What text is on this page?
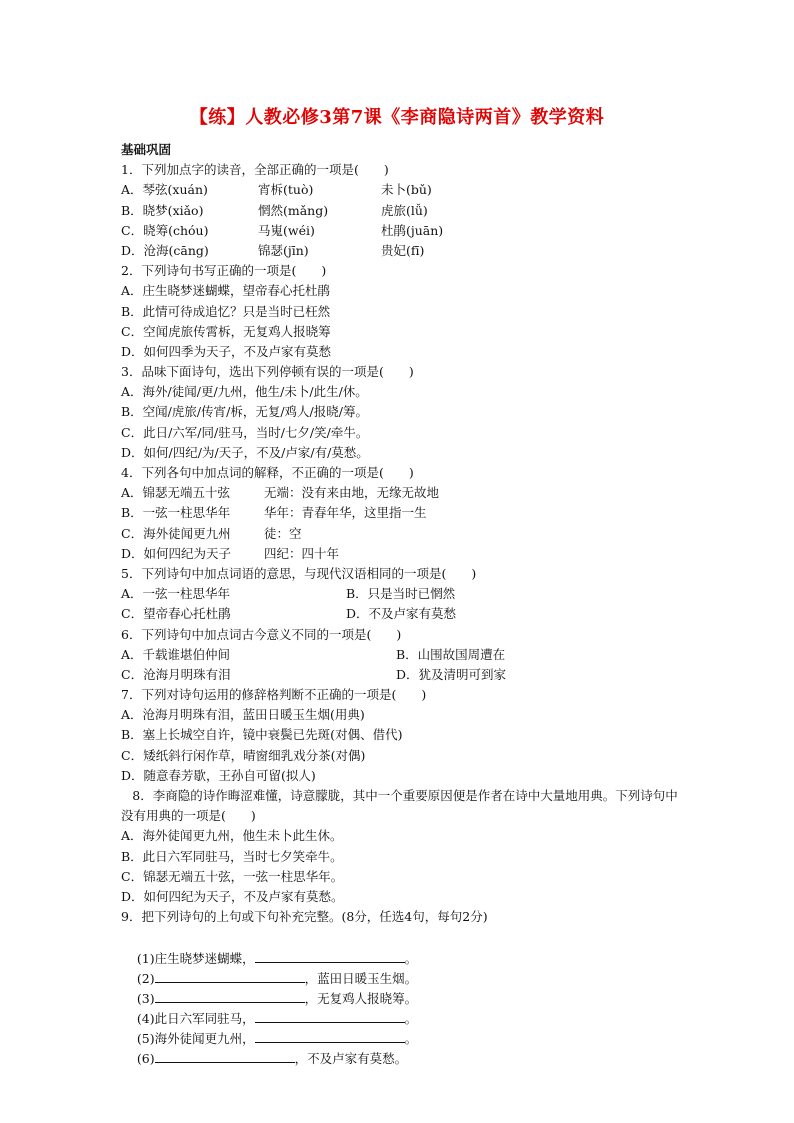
【练】人教必修3第7课《李商隐诗两首》教学资料
基础巩固
1．下列加点字的读音，全部正确的一项是(　　)
A．琴弦(xuán)	宵柝(tuò)	未卜(bǔ)
B．晓梦(xiǎo)	惘然(mǎng)	虎旅(lǚ)
C．晓筹(chóu)	马嵬(wéi)	杜鹃(juān)
D．沧海(cāng)	锦瑟(jīn)	贵妃(fī)
2．下列诗句书写正确的一项是(　　)
A．庄生晓梦迷蝴蝶，望帝春心托杜鹃
B．此情可待成追忆？只是当时已枉然
C．空闻虎旅传霄柝，无复鸡人报晓筹
D．如何四季为天子，不及卢家有莫愁
3．品味下面诗句，选出下列停顿有误的一项是(　　)
A．海外/徒闻/更/九州，他生/未卜/此生/休。
B．空闻/虎旅/传宵/柝，无复/鸡人/报晓/筹。
C．此日/六军/同/驻马，当时/七夕/笑/牵牛。
D．如何/四纪/为/天子，不及/卢家/有/莫愁。
4．下列各句中加点词的解释，不正确的一项是(　　)
A．锦瑟无端五十弦	无端：没有来由地，无缘无故地
B．一弦一柱思华年	华年：青春年华，这里指一生
C．海外徒闻更九州	徒：空
D．如何四纪为天子	四纪：四十年
5．下列诗句中加点词语的意思，与现代汉语相同的一项是(　　)
A．一弦一柱思华年	B．只是当时已惘然
C．望帝春心托杜鹃	D．不及卢家有莫愁
6．下列诗句中加点词古今意义不同的一项是(　　)
A．千载谁堪伯仲间	B．山围故国周遭在
C．沧海月明珠有泪	D．犹及清明可到家
7．下列对诗句运用的修辞格判断不正确的一项是(　　)
A．沧海月明珠有泪，蓝田日暖玉生烟(用典)
B．塞上长城空自许，镜中衰鬓已先斑(对偶、借代)
C．矮纸斜行闲作草，晴窗细乳戏分茶(对偶)
D．随意春芳歇，王孙自可留(拟人)
8．李商隐的诗作晦涩难懂，诗意朦胧，其中一个重要原因便是作者在诗中大量地用典。下列诗句中没有用典的一项是(　　)
A．海外徒闻更九州，他生未卜此生休。
B．此日六军同驻马，当时七夕笑牵牛。
C．锦瑟无端五十弦，一弦一柱思华年。
D．如何四纪为天子，不及卢家有莫愁。
9．把下列诗句的上句或下句补充完整。(8分，任选4句，每句2分)

(1)庄生晓梦迷蝴蝶，	。

(2)	，蓝田日暖玉生烟。

(3)	，无复鸡人报晓筹。

(4)此日六军同驻马，	。

(5)海外徒闻更九州，	。

(6)	，不及卢家有莫愁。
